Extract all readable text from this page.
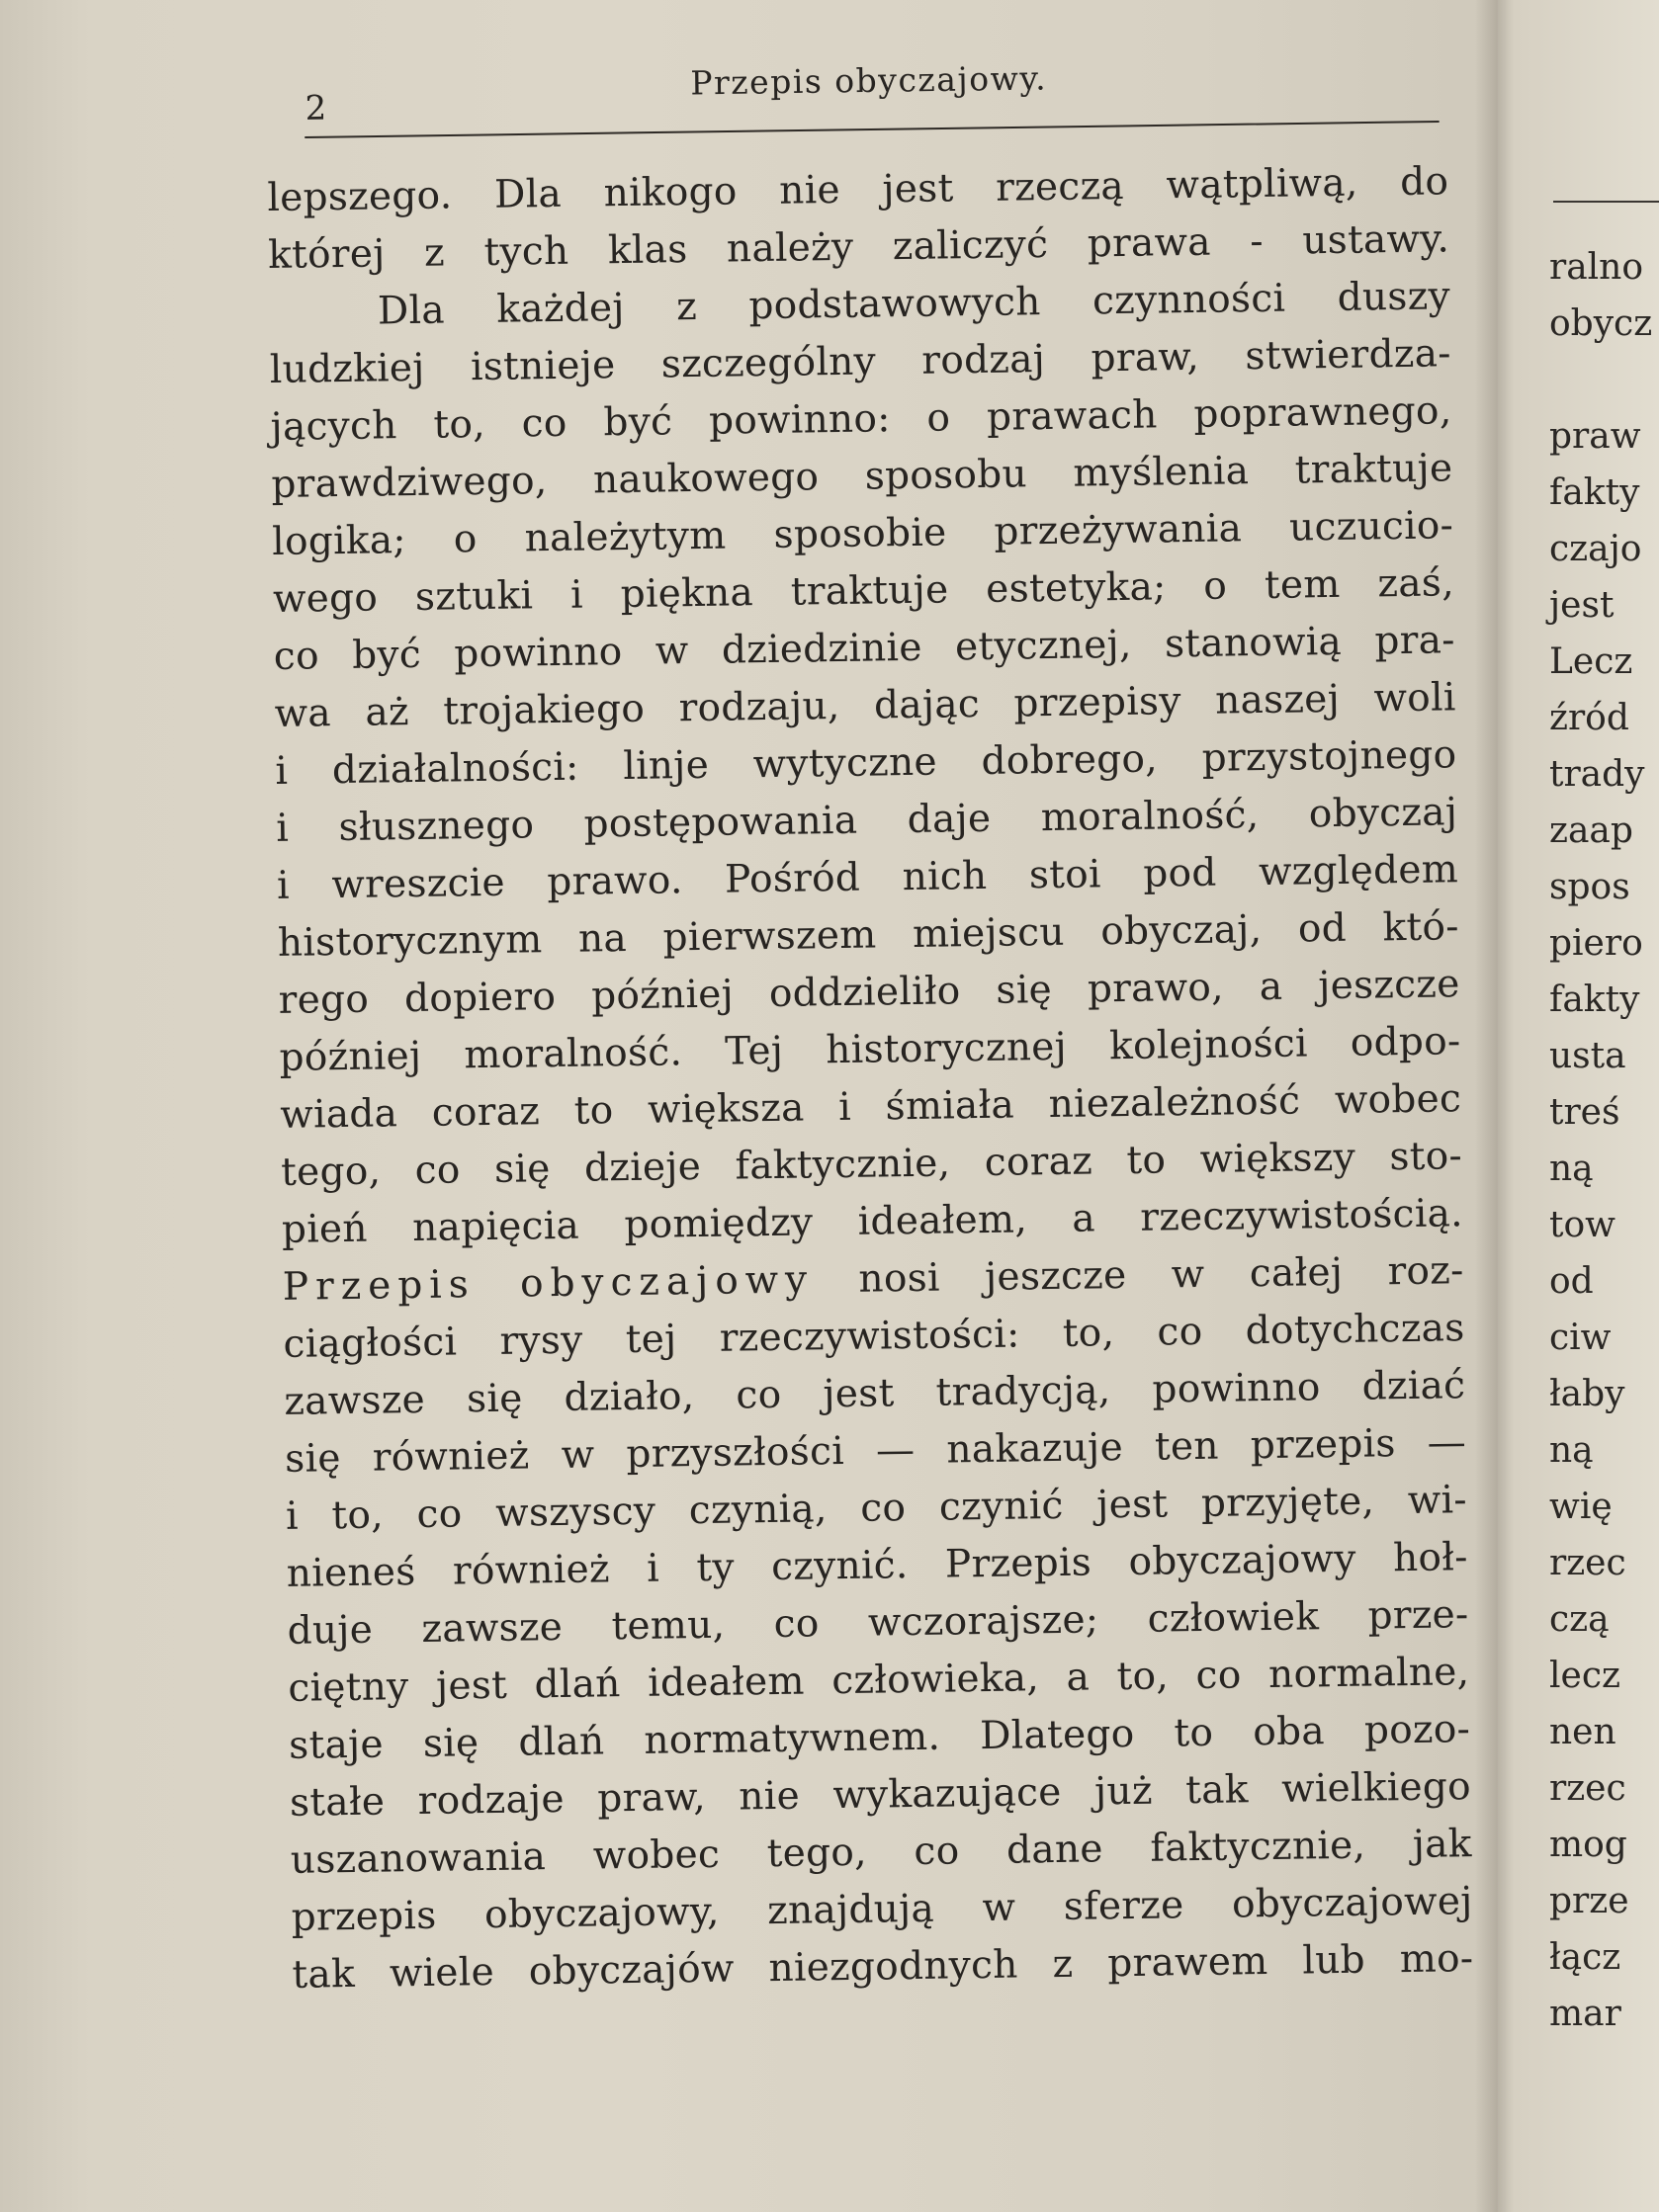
2
Przepis obyczajowy.
lepszego. Dla nikogo nie jest rzeczą wątpliwą, do
której z tych klas należy zaliczyć prawa - ustawy.
Dla każdej z podstawowych czynności duszy
ludzkiej istnieje szczególny rodzaj praw, stwierdza-
jących to, co być powinno: o prawach poprawnego,
prawdziwego, naukowego sposobu myślenia traktuje
logika; o należytym sposobie przeżywania uczucio-
wego sztuki i piękna traktuje estetyka; o tem zaś,
co być powinno w dziedzinie etycznej, stanowią pra-
wa aż trojakiego rodzaju, dając przepisy naszej woli
i działalności: linje wytyczne dobrego, przystojnego
i słusznego postępowania daje moralność, obyczaj
i wreszcie prawo. Pośród nich stoi pod względem
historycznym na pierwszem miejscu obyczaj, od któ-
rego dopiero później oddzieliło się prawo, a jeszcze
później moralność. Tej historycznej kolejności odpo-
wiada coraz to większa i śmiała niezależność wobec
tego, co się dzieje faktycznie, coraz to większy sto-
pień napięcia pomiędzy ideałem, a rzeczywistością.
Przepis obyczajowy nosi jeszcze w całej roz-
ciągłości rysy tej rzeczywistości: to, co dotychczas
zawsze się działo, co jest tradycją, powinno dziać
się również w przyszłości — nakazuje ten przepis —
i to, co wszyscy czynią, co czynić jest przyjęte, wi-
nieneś również i ty czynić. Przepis obyczajowy hoł-
duje zawsze temu, co wczorajsze; człowiek prze-
ciętny jest dlań ideałem człowieka, a to, co normalne,
staje się dlań normatywnem. Dlatego to oba pozo-
stałe rodzaje praw, nie wykazujące już tak wielkiego
uszanowania wobec tego, co dane faktycznie, jak
przepis obyczajowy, znajdują w sferze obyczajowej
tak wiele obyczajów niezgodnych z prawem lub mo-
ralno
obycz
praw
fakty
czajo
jest
Lecz
źród
trady
zaap
spos
piero
fakty
usta
treś
ną
tow
od
ciw
łaby
ną
wię
rzec
czą
lecz
nen
rzec
mog
prze
łącz
mar
